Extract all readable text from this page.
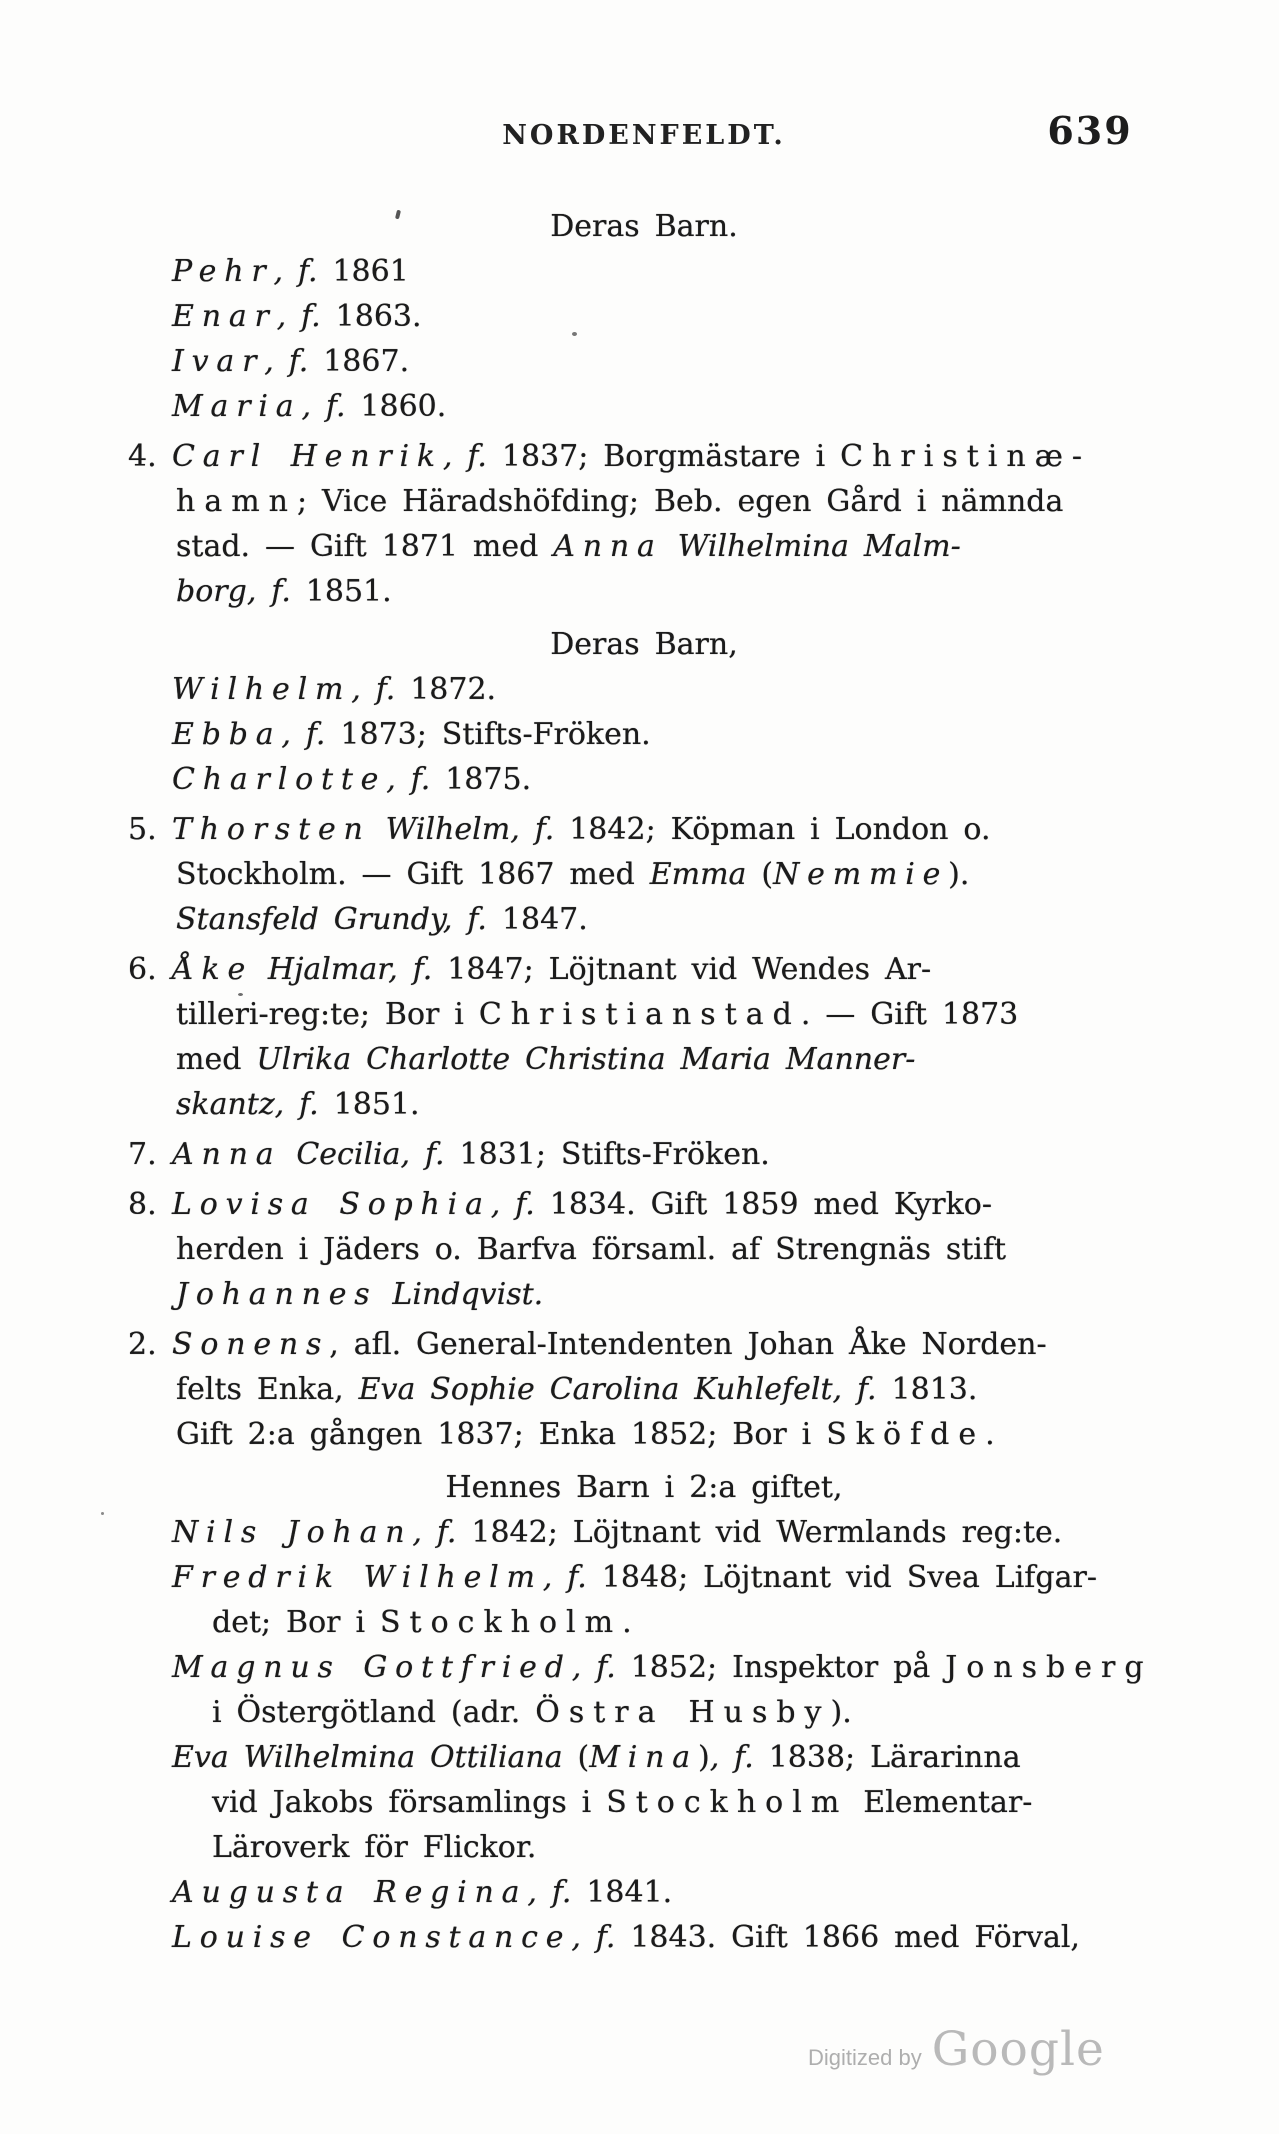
NORDENFELDT.	639
Deras Barn.
Pehr, f. 1861
Enar, f. 1863.
Ivar, f. 1867.
Maria, f. 1860.
4. Carl Henrik, f. 1837; Borgmästare i Christinæ-
hamn; Vice Häradshöfding; Beb. egen Gård i nämnda
stad. — Gift 1871 med Anna Wilhelmina Malm-
borg, f. 1851.
Deras Barn,
Wilhelm, f. 1872.
Ebba, f. 1873; Stifts-Fröken.
Charlotte, f. 1875.
5. Thorsten Wilhelm, f. 1842; Köpman i London o.
Stockholm. — Gift 1867 med Emma (Nemmie).
Stansfeld Grundy, f. 1847.
6. Åke Hjalmar, f. 1847; Löjtnant vid Wendes Ar-
tilleri-reg:te; Bor i Christianstad. — Gift 1873
med Ulrika Charlotte Christina Maria Manner-
skantz, f. 1851.
7. Anna Cecilia, f. 1831; Stifts-Fröken.
8. Lovisa Sophia, f. 1834. Gift 1859 med Kyrko-
herden i Jäders o. Barfva församl. af Strengnäs stift
Johannes Lindqvist.
2. Sonens, afl. General-Intendenten Johan Åke Norden-
felts Enka, Eva Sophie Carolina Kuhlefelt, f. 1813.
Gift 2:a gången 1837; Enka 1852; Bor i Sköfde.
Hennes Barn i 2:a giftet,
Nils Johan, f. 1842; Löjtnant vid Wermlands reg:te.
Fredrik Wilhelm, f. 1848; Löjtnant vid Svea Lifgar-
det; Bor i Stockholm.
Magnus Gottfried, f. 1852; Inspektor på Jonsberg
i Östergötland (adr. Östra Husby).
Eva Wilhelmina Ottiliana (Mina), f. 1838; Lärarinna
vid Jakobs församlings i Stockholm Elementar-
Läroverk för Flickor.
Augusta Regina, f. 1841.
Louise Constance, f. 1843. Gift 1866 med Förval,
Digitized by Google
